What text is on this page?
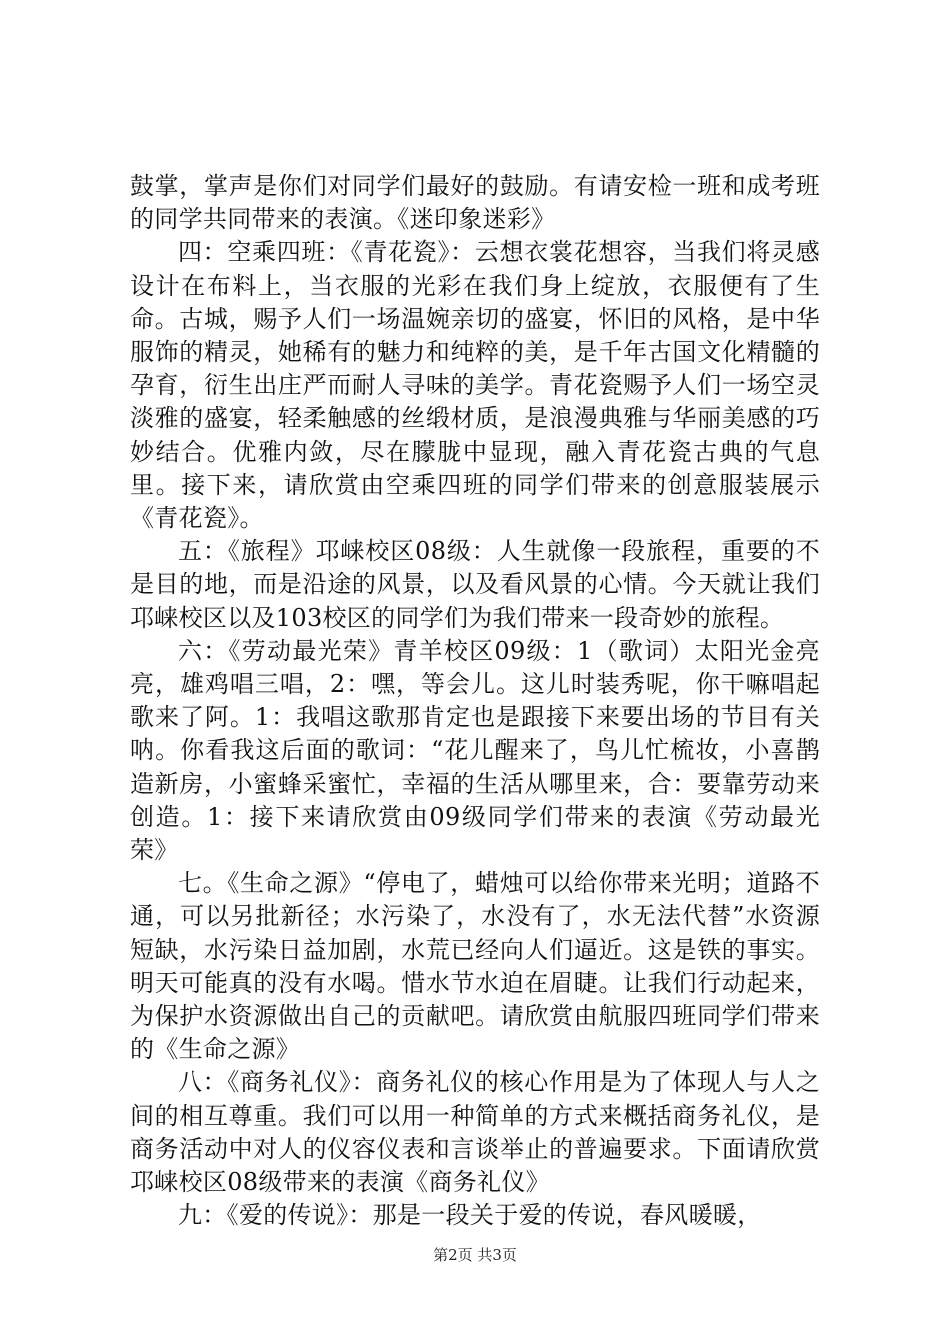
鼓掌，掌声是你们对同学们最好的鼓励。有请安检一班和成考班的同学共同带来的表演。《迷印象迷彩》

四：空乘四班：《青花瓷》：云想衣裳花想容，当我们将灵感设计在布料上，当衣服的光彩在我们身上绽放，衣服便有了生命。古城，赐予人们一场温婉亲切的盛宴，怀旧的风格，是中华服饰的精灵，她稀有的魅力和纯粹的美，是千年古国文化精髓的孕育，衍生出庄严而耐人寻味的美学。青花瓷赐予人们一场空灵淡雅的盛宴，轻柔触感的丝缎材质，是浪漫典雅与华丽美感的巧妙结合。优雅内敛，尽在朦胧中显现，融入青花瓷古典的气息里。接下来，请欣赏由空乘四班的同学们带来的创意服装展示《青花瓷》。

五：《旅程》邛崃校区08级：人生就像一段旅程，重要的不是目的地，而是沿途的风景，以及看风景的心情。今天就让我们邛崃校区以及103校区的同学们为我们带来一段奇妙的旅程。

六：《劳动最光荣》青羊校区09级：1（歌词）太阳光金亮亮，雄鸡唱三唱，2：嘿，等会儿。这儿时装秀呢，你干嘛唱起歌来了阿。1：我唱这歌那肯定也是跟接下来要出场的节目有关呐。你看我这后面的歌词：“花儿醒来了，鸟儿忙梳妆，小喜鹊造新房，小蜜蜂采蜜忙，幸福的生活从哪里来，合：要靠劳动来创造。1：接下来请欣赏由09级同学们带来的表演《劳动最光荣》

七。《生命之源》“停电了，蜡烛可以给你带来光明；道路不通，可以另批新径；水污染了，水没有了，水无法代替”水资源短缺，水污染日益加剧，水荒已经向人们逼近。这是铁的事实。明天可能真的没有水喝。惜水节水迫在眉睫。让我们行动起来，为保护水资源做出自己的贡献吧。请欣赏由航服四班同学们带来的《生命之源》

八：《商务礼仪》：商务礼仪的核心作用是为了体现人与人之间的相互尊重。我们可以用一种简单的方式来概括商务礼仪，是商务活动中对人的仪容仪表和言谈举止的普遍要求。下面请欣赏邛崃校区08级带来的表演《商务礼仪》

九：《爱的传说》：那是一段关于爱的传说，春风暖暖，

第2页 共3页
